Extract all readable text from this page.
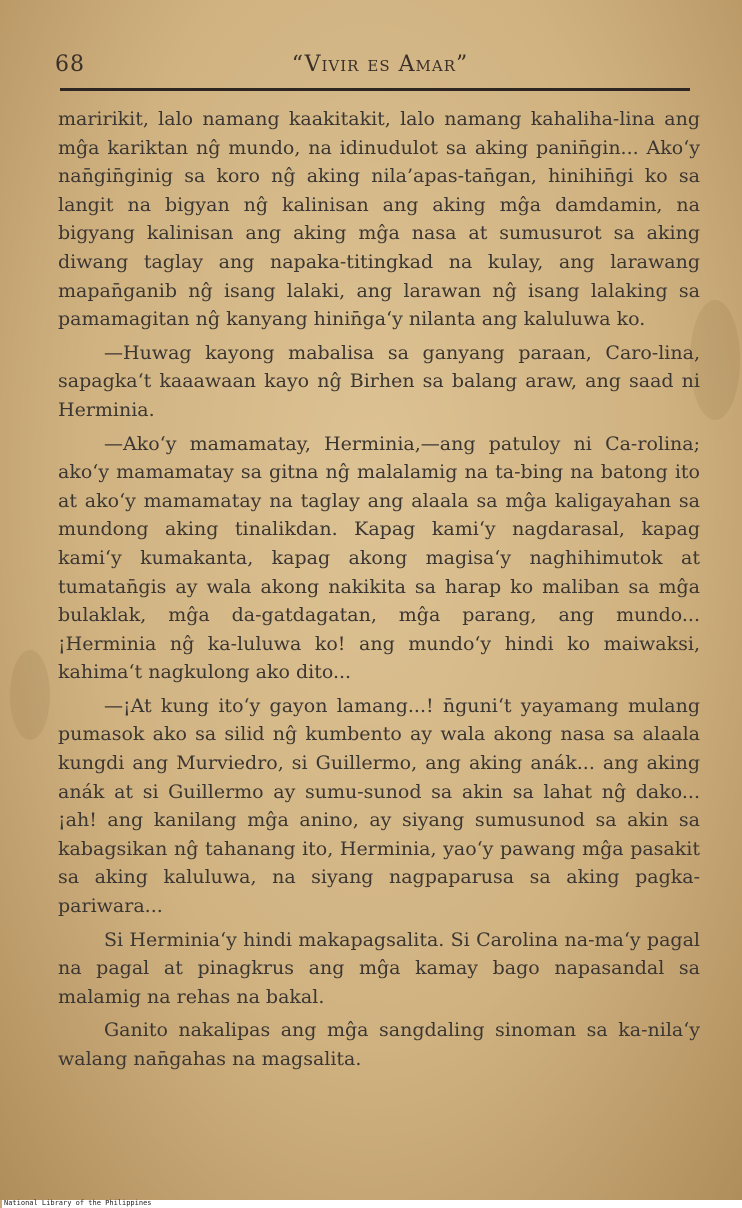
68	“Vivir es Amar”

maririkit, lalo namang kaakitakit, lalo namang kahaliha-lina ang mĝa kariktan nĝ mundo, na idinudulot sa aking panin̄gin... Ako‘y nan̄gin̄ginig sa koro nĝ aking nila’apas-tan̄gan, hinihin̄gi ko sa langit na bigyan nĝ kalinisan ang aking mĝa damdamin, na bigyang kalinisan ang aking mĝa nasa at sumusurot sa aking diwang taglay ang napaka-titingkad na kulay, ang larawang mapan̄ganib nĝ isang lalaki, ang larawan nĝ isang lalaking sa pamamagitan nĝ kanyang hinin̄ga‘y nilanta ang kaluluwa ko.

—Huwag kayong mabalisa sa ganyang paraan, Caro-lina, sapagka‘t kaaawaan kayo nĝ Birhen sa balang araw, ang saad ni Herminia.

—Ako‘y mamamatay, Herminia,—ang patuloy ni Ca-rolina; ako‘y mamamatay sa gitna nĝ malalamig na ta-bing na batong ito at ako‘y mamamatay na taglay ang alaala sa mĝa kaligayahan sa mundong aking tinalikdan. Kapag kami‘y nagdarasal, kapag kami‘y kumakanta, kapag akong magisa‘y naghihimutok at tumatan̄gis ay wala akong nakikita sa harap ko maliban sa mĝa bulaklak, mĝa da-gatdagatan, mĝa parang, ang mundo... ¡Herminia nĝ ka-luluwa ko! ang mundo‘y hindi ko maiwaksi, kahima‘t nagkulong ako dito...

—¡At kung ito‘y gayon lamang...! n̄guni‘t yayamang mulang pumasok ako sa silid nĝ kumbento ay wala akong nasa sa alaala kungdi ang Murviedro, si Guillermo, ang aking anák... ang aking anák at si Guillermo ay sumu-sunod sa akin sa lahat nĝ dako... ¡ah! ang kanilang mĝa anino, ay siyang sumusunod sa akin sa kabagsikan nĝ tahanang ito, Herminia, yao‘y pawang mĝa pasakit sa aking kaluluwa, na siyang nagpaparusa sa aking pagka-pariwara...

Si Herminia‘y hindi makapagsalita. Si Carolina na-ma‘y pagal na pagal at pinagkrus ang mĝa kamay bago napasandal sa malamig na rehas na bakal.

Ganito nakalipas ang mĝa sangdaling sinoman sa ka-nila‘y walang nan̄gahas na magsalita.

National Library of the Philippines
